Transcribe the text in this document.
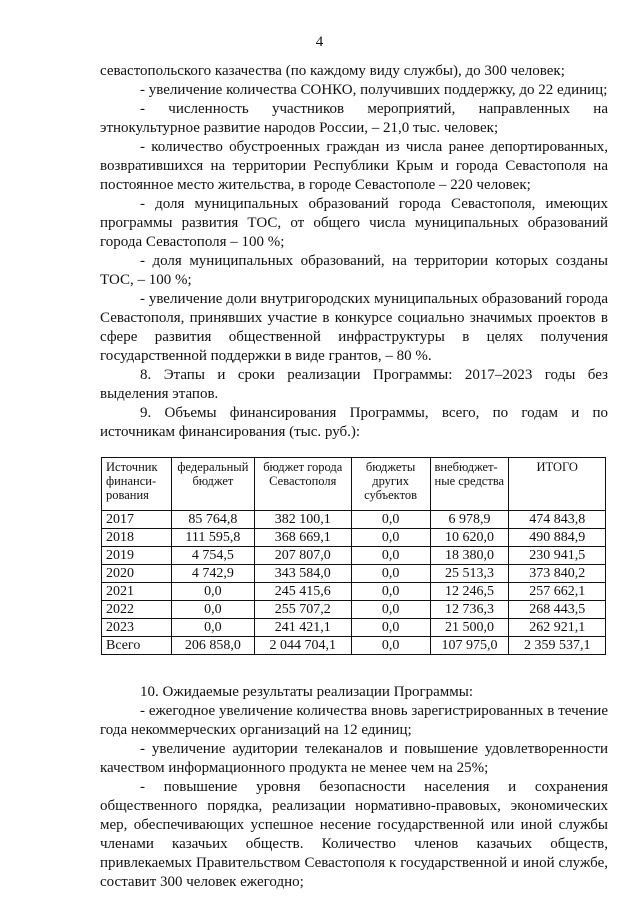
4

севастопольского казачества (по каждому виду службы), до 300 человек;

- увеличение количества СОНКО, получивших поддержку, до 22 единиц;

- численность участников мероприятий, направленных на этнокультурное развитие народов России, – 21,0 тыс. человек;

- количество обустроенных граждан из числа ранее депортированных, возвратившихся на территории Республики Крым и города Севастополя на постоянное место жительства, в городе Севастополе – 220 человек;

- доля муниципальных образований города Севастополя, имеющих программы развития ТОС, от общего числа муниципальных образований города Севастополя – 100 %;

- доля муниципальных образований, на территории которых созданы ТОС, – 100 %;

- увеличение доли внутригородских муниципальных образований города Севастополя, принявших участие в конкурсе социально значимых проектов в сфере развития общественной инфраструктуры в целях получения государственной поддержки в виде грантов, – 80 %.

8. Этапы и сроки реализации Программы: 2017–2023 годы без выделения этапов.

9. Объемы финансирования Программы, всего, по годам и по источникам финансирования (тыс. руб.):

Источник финанси-рования	федеральный бюджет	бюджет города Севастополя	бюджеты других субъектов	внебюджет-ные средства	ИТОГО
2017	85 764,8	382 100,1	0,0	6 978,9	474 843,8
2018	111 595,8	368 669,1	0,0	10 620,0	490 884,9
2019	4 754,5	207 807,0	0,0	18 380,0	230 941,5
2020	4 742,9	343 584,0	0,0	25 513,3	373 840,2
2021	0,0	245 415,6	0,0	12 246,5	257 662,1
2022	0,0	255 707,2	0,0	12 736,3	268 443,5
2023	0,0	241 421,1	0,0	21 500,0	262 921,1
Всего	206 858,0	2 044 704,1	0,0	107 975,0	2 359 537,1

10. Ожидаемые результаты реализации Программы:

- ежегодное увеличение количества вновь зарегистрированных в течение года некоммерческих организаций на 12 единиц;

- увеличение аудитории телеканалов и повышение удовлетворенности качеством информационного продукта не менее чем на 25%;

- повышение уровня безопасности населения и сохранения общественного порядка, реализации нормативно-правовых, экономических мер, обеспечивающих успешное несение государственной или иной службы членами казачьих обществ. Количество членов казачьих обществ, привлекаемых Правительством Севастополя к государственной и иной службе, составит 300 человек ежегодно;
